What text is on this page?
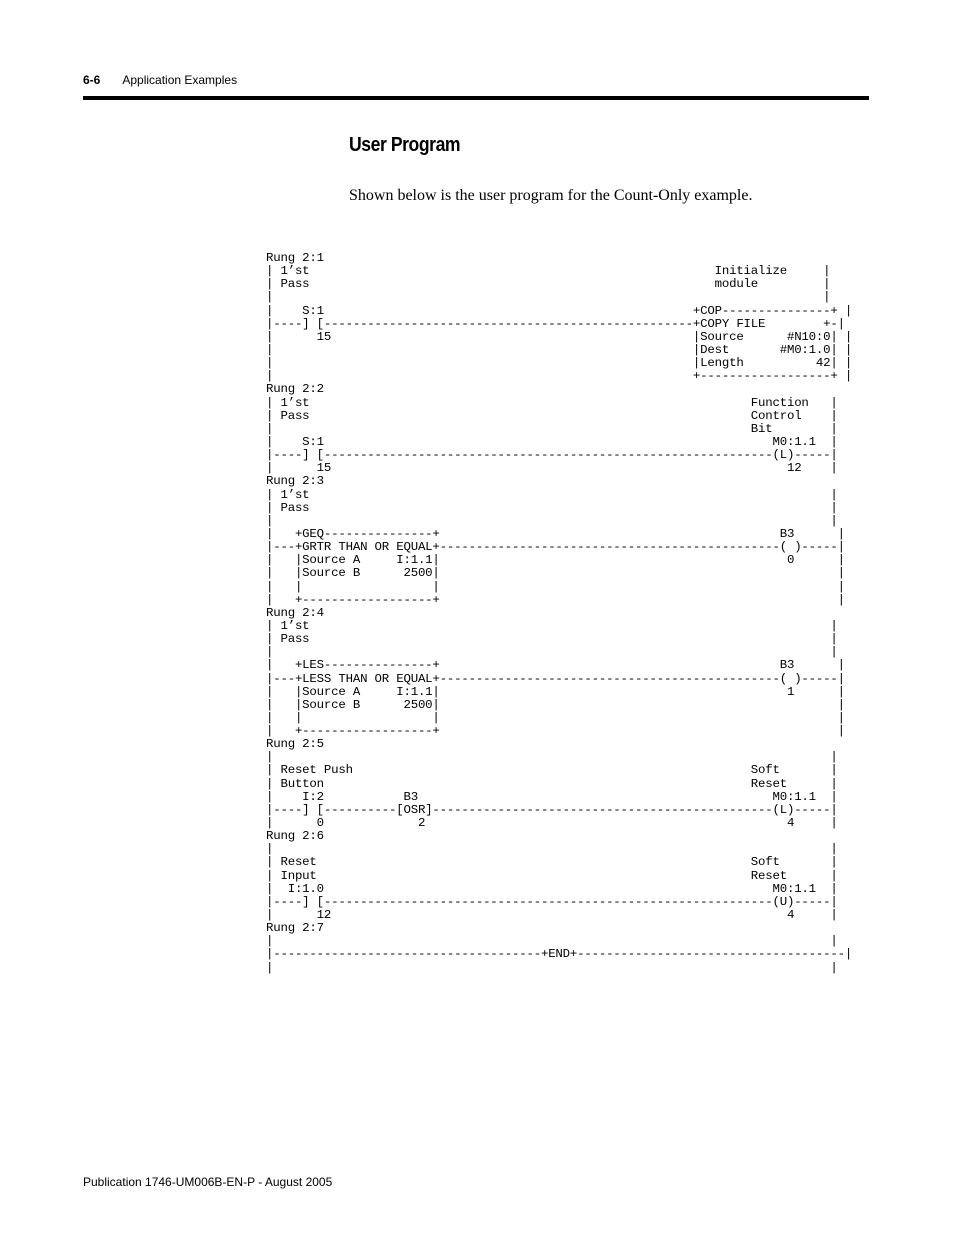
6-6 Application Examples
User Program
Shown below is the user program for the Count-Only example.
Rung 2:1
| 1’st                                                        Initialize     |
| Pass                                                        module         |
|                                                                            |
|    S:1                                                   +COP---------------+ |
|----] [---------------------------------------------------+COPY FILE        +-|
|      15                                                  |Source      #N10:0| |
|                                                          |Dest       #M0:1.0| |
|                                                          |Length          42| |
|                                                          +------------------+ |
Rung 2:2
| 1’st                                                             Function   |
| Pass                                                             Control    |
|                                                                  Bit        |
|    S:1                                                              M0:1.1  |
|----] [--------------------------------------------------------------(L)-----|
|      15                                                               12    |
Rung 2:3
| 1’st                                                                        |
| Pass                                                                        |
|                                                                             |
|   +GEQ---------------+                                               B3      |
|---+GRTR THAN OR EQUAL+-----------------------------------------------( )-----|
|   |Source A     I:1.1|                                                0      |
|   |Source B      2500|                                                       |
|   |                  |                                                       |
|   +------------------+                                                       |
Rung 2:4
| 1’st                                                                        |
| Pass                                                                        |
|                                                                             |
|   +LES---------------+                                               B3      |
|---+LESS THAN OR EQUAL+-----------------------------------------------( )-----|
|   |Source A     I:1.1|                                                1      |
|   |Source B      2500|                                                       |
|   |                  |                                                       |
|   +------------------+                                                       |
Rung 2:5
|                                                                             |
| Reset Push                                                       Soft       |
| Button                                                           Reset      |
|    I:2           B3                                                 M0:1.1  |
|----] [----------[OSR]-----------------------------------------------(L)-----|
|      0             2                                                  4     |
Rung 2:6
|                                                                             |
| Reset                                                            Soft       |
| Input                                                            Reset      |
|  I:1.0                                                              M0:1.1  |
|----] [--------------------------------------------------------------(U)-----|
|      12                                                               4     |
Rung 2:7
|                                                                             |
|-------------------------------------+END+-------------------------------------|
|                                                                             |
Publication 1746-UM006B-EN-P - August 2005
